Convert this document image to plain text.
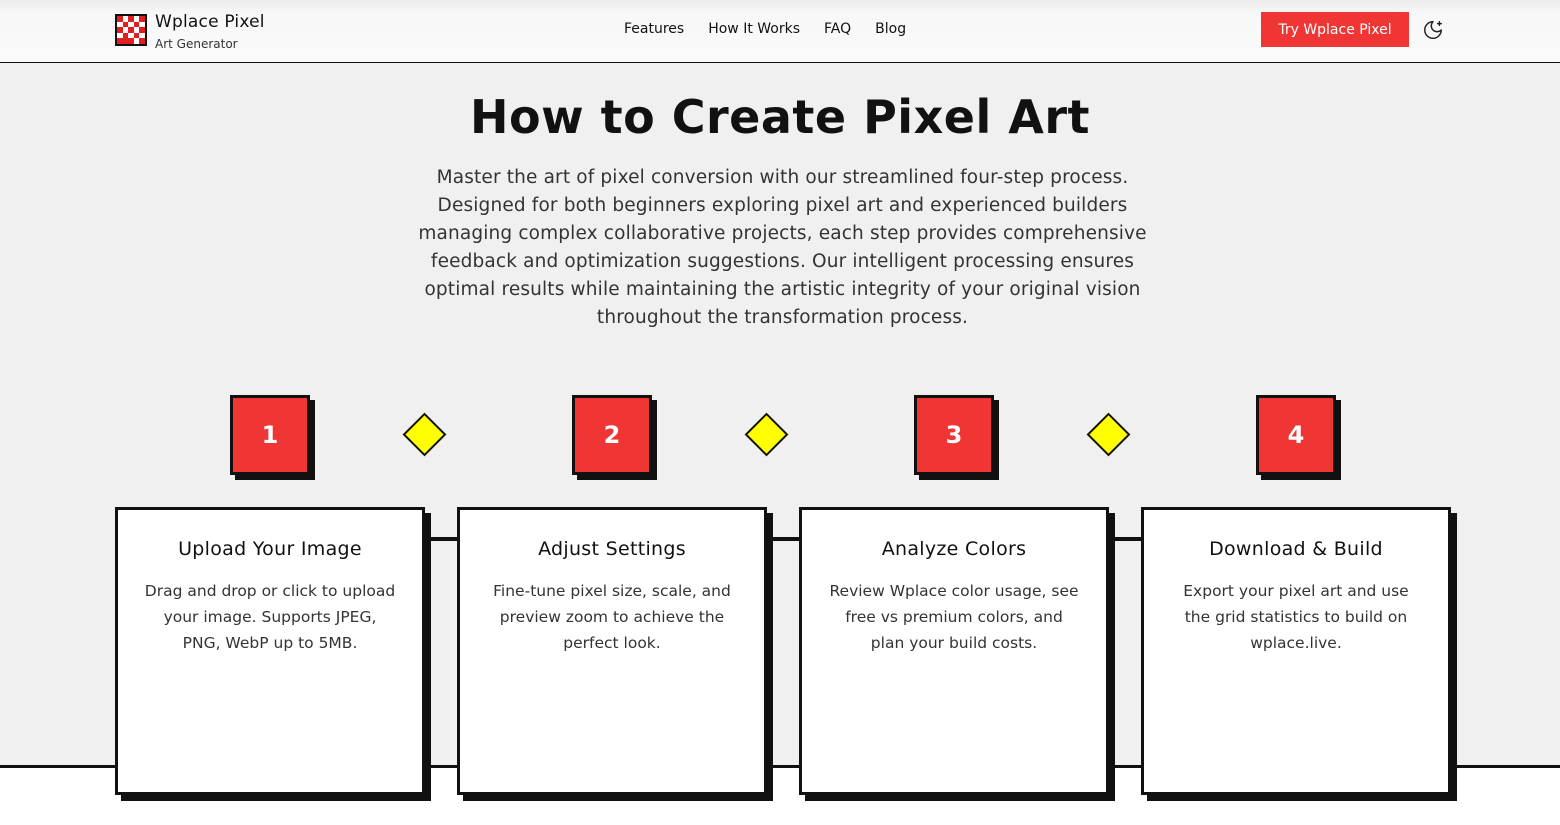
Wplace Pixel
Art Generator
Features How It Works FAQ Blog	Try Wplace Pixel
How to Create Pixel Art

Master the art of pixel conversion with our streamlined four-step process. Designed for both beginners exploring pixel art and experienced builders managing complex collaborative projects, each step provides comprehensive feedback and optimization suggestions. Our intelligent processing ensures optimal results while maintaining the artistic integrity of your original vision throughout the transformation process.

1	2	3	4
Upload Your Image
Drag and drop or click to upload your image. Supports JPEG, PNG, WebP up to 5MB.
Adjust Settings
Fine-tune pixel size, scale, and preview zoom to achieve the perfect look.
Analyze Colors
Review Wplace color usage, see free vs premium colors, and plan your build costs.
Download & Build
Export your pixel art and use the grid statistics to build on wplace.live.
